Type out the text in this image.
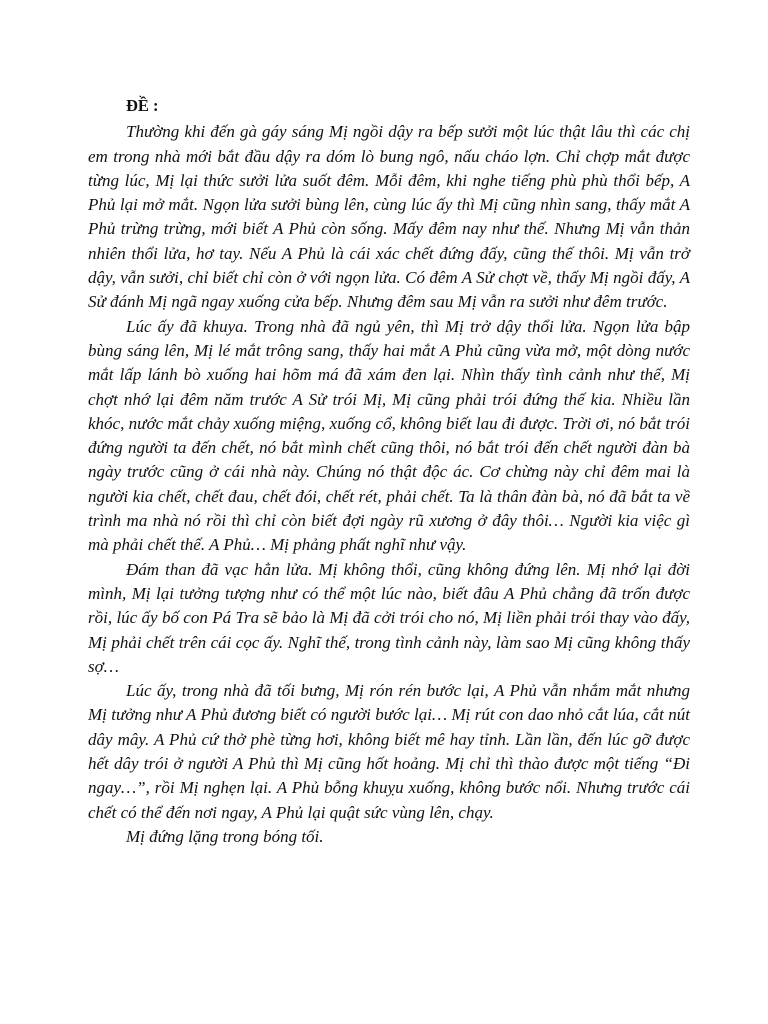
ĐỀ :

Thường khi đến gà gáy sáng Mị ngồi dậy ra bếp sưởi một lúc thật lâu thì các chị em trong nhà mới bắt đầu dậy ra dóm lò bung ngô, nấu cháo lợn. Chỉ chợp mắt được từng lúc, Mị lại thức sưởi lửa suốt đêm. Mỗi đêm, khi nghe tiếng phù phù thổi bếp, A Phủ lại mở mắt. Ngọn lửa sưởi bùng lên, cùng lúc ấy thì Mị cũng nhìn sang, thấy mắt A Phủ trừng trừng, mới biết A Phủ còn sống. Mấy đêm nay như thế. Nhưng Mị vẫn thản nhiên thổi lửa, hơ tay. Nếu A Phủ là cái xác chết đứng đấy, cũng thế thôi. Mị vẫn trở dậy, vẫn sưởi, chỉ biết chỉ còn ở với ngọn lửa. Có đêm A Sử chợt về, thấy Mị ngồi đấy, A Sử đánh Mị ngã ngay xuống cửa bếp. Nhưng đêm sau Mị vẫn ra sưởi như đêm trước.

Lúc ấy đã khuya. Trong nhà đã ngủ yên, thì Mị trở dậy thổi lửa. Ngọn lửa bập bùng sáng lên, Mị lé mắt trông sang, thấy hai mắt A Phủ cũng vừa mở, một dòng nước mắt lấp lánh bò xuống hai hõm má đã xám đen lại. Nhìn thấy tình cảnh như thế, Mị chợt nhớ lại đêm năm trước A Sử trói Mị, Mị cũng phải trói đứng thế kia. Nhiều lần khóc, nước mắt chảy xuống miệng, xuống cổ, không biết lau đi được. Trời ơi, nó bắt trói đứng người ta đến chết, nó bắt mình chết cũng thôi, nó bắt trói đến chết người đàn bà ngày trước cũng ở cái nhà này. Chúng nó thật độc ác. Cơ chừng này chỉ đêm mai là người kia chết, chết đau, chết đói, chết rét, phải chết. Ta là thân đàn bà, nó đã bắt ta về trình ma nhà nó rồi thì chỉ còn biết đợi ngày rũ xương ở đây thôi… Người kia việc gì mà phải chết thế. A Phủ… Mị phảng phất nghĩ như vậy.

Đám than đã vạc hẳn lửa. Mị không thổi, cũng không đứng lên. Mị nhớ lại đời mình, Mị lại tưởng tượng như có thể một lúc nào, biết đâu A Phủ chẳng đã trốn được rồi, lúc ấy bố con Pá Tra sẽ bảo là Mị đã cởi trói cho nó, Mị liền phải trói thay vào đấy, Mị phải chết trên cái cọc ấy. Nghĩ thế, trong tình cảnh này, làm sao Mị cũng không thấy sợ…

Lúc ấy, trong nhà đã tối bưng, Mị rón rén bước lại, A Phủ vẫn nhắm mắt nhưng Mị tưởng như A Phủ đương biết có người bước lại… Mị rút con dao nhỏ cắt lúa, cắt nút dây mây. A Phủ cứ thở phè từng hơi, không biết mê hay tỉnh. Lần lần, đến lúc gỡ được hết dây trói ở người A Phủ thì Mị cũng hốt hoảng. Mị chỉ thì thào được một tiếng “Đi ngay…”, rồi Mị nghẹn lại. A Phủ bỗng khuỵu xuống, không bước nổi. Nhưng trước cái chết có thể đến nơi ngay, A Phủ lại quật sức vùng lên, chạy.

Mị đứng lặng trong bóng tối.
